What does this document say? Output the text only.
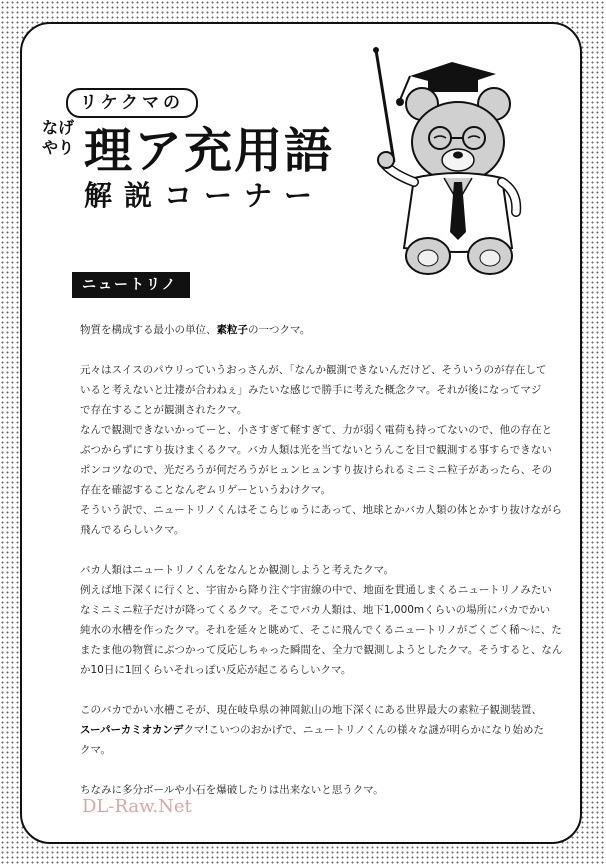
リケクマの
なげ
やり 理ア充用語
解説コーナー
ニュートリノ

物質を構成する最小の単位、素粒子の一つクマ。

元々はスイスのパウリっていうおっさんが、「なんか観測できないんだけど、そういうのが存在して
いると考えないと辻褄が合わねぇ」みたいな感じで勝手に考えた概念クマ。それが後になってマジ
で存在することが観測されたクマ。
なんで観測できないかってーと、小さすぎて軽すぎて、力が弱く電荷も持ってないので、他の存在と
ぶつからずにすり抜けまくるクマ。バカ人類は光を当てないとうんこを目で観測する事すらできない
ポンコツなので、光だろうが何だろうがヒュンヒュンすり抜けられるミニミニ粒子があったら、その
存在を確認することなんぞムリゲーというわけクマ。
そういう訳で、ニュートリノくんはそこらじゅうにあって、地球とかバカ人類の体とかすり抜けながら
飛んでるらしいクマ。

バカ人類はニュートリノくんをなんとか観測しようと考えたクマ。
例えば地下深くに行くと、宇宙から降り注ぐ宇宙線の中で、地面を貫通しまくるニュートリノみたい
なミニミニ粒子だけが降ってくるクマ。そこでバカ人類は、地下1,000mくらいの場所にバカでかい
純水の水槽を作ったクマ。それを延々と眺めて、そこに飛んでくるニュートリノがごくごく稀〜に、た
またま他の物質にぶつかって反応しちゃった瞬間を、全力で観測しようとしたクマ。そうすると、なん
か10日に1回くらいそれっぽい反応が起こるらしいクマ。

このバカでかい水槽こそが、現在岐阜県の神岡鉱山の地下深くにある世界最大の素粒子観測装置、
スーパーカミオカンデクマ!こいつのおかげで、ニュートリノくんの様々な謎が明らかになり始めた
クマ。

ちなみに多分ボールや小石を爆破したりは出来ないと思うクマ。

DL-Raw.Net
